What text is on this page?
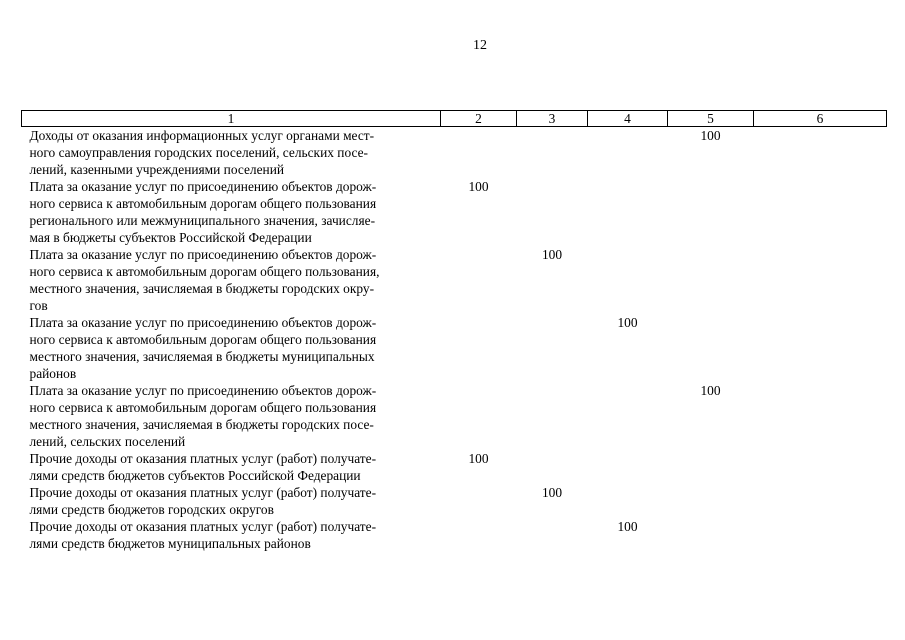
12
1	2	3	4	5	6

Доходы от оказания информационных услуг органами мест-
ного самоуправления городских поселений, сельских посе-
лений, казенными учреждениями поселений				100	

Плата за оказание услуг по присоединению объектов дорож-
ного сервиса к автомобильным дорогам общего пользования
регионального или межмуниципального значения, зачисляе-
мая в бюджеты субъектов Российской Федерации	100				

Плата за оказание услуг по присоединению объектов дорож-
ного сервиса к автомобильным дорогам общего пользования,
местного значения, зачисляемая в бюджеты городских окру-
гов		100			

Плата за оказание услуг по присоединению объектов дорож-
ного сервиса к автомобильным дорогам общего пользования
местного значения, зачисляемая в бюджеты муниципальных
районов			100		

Плата за оказание услуг по присоединению объектов дорож-
ного сервиса к автомобильным дорогам общего пользования
местного значения, зачисляемая в бюджеты городских посе-
лений, сельских поселений				100	

Прочие доходы от оказания платных услуг (работ) получате-
лями средств бюджетов субъектов Российской Федерации	100				

Прочие доходы от оказания платных услуг (работ) получате-
лями средств бюджетов городских округов		100			

Прочие доходы от оказания платных услуг (работ) получате-
лями средств бюджетов муниципальных районов			100		
